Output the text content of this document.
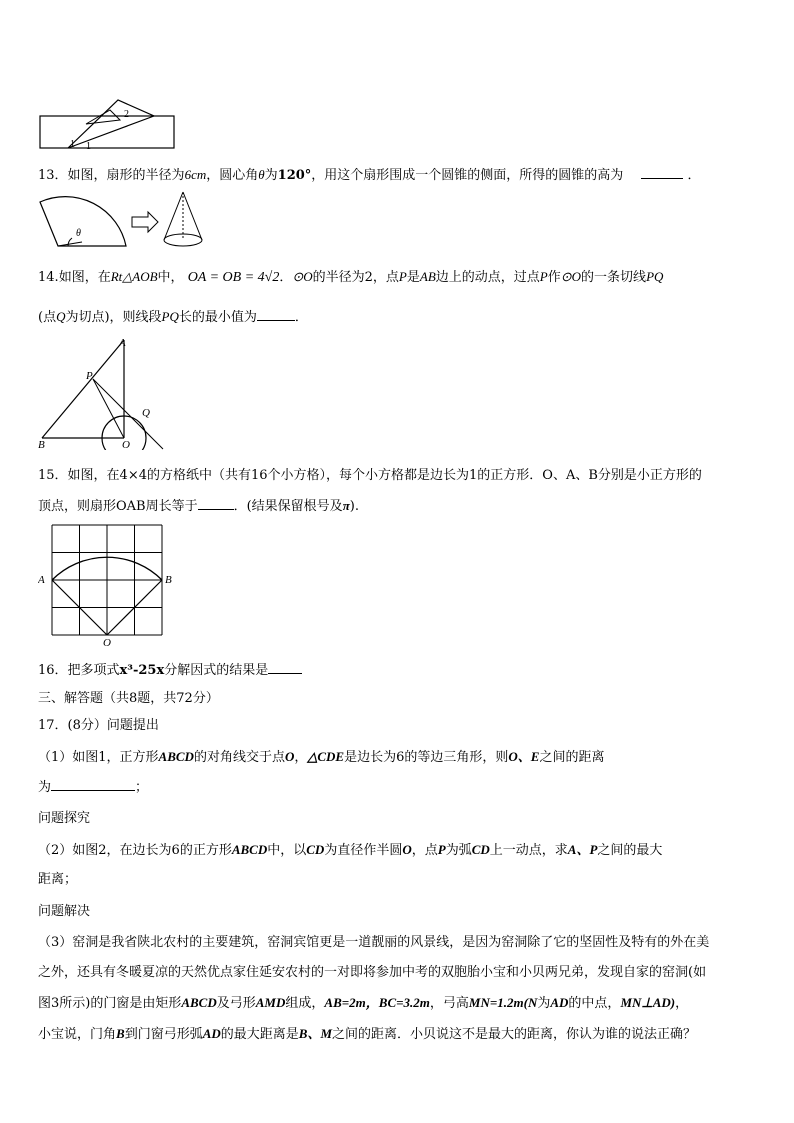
2
1 1
13．如图，扇形的半径为6cm，圆心角θ为120°，用这个扇形围成一个圆锥的侧面，所得的圆锥的高为	．
θ
14.如图，在Rt△AOB中， OA = OB = 4√2．⊙O的半径为2，点P是AB边上的动点，过点P作⊙O的一条切线PQ
(点Q为切点)，则线段PQ长的最小值为	．
A
P
Q
B	O
15．如图，在4×4的方格纸中（共有16个小方格），每个小方格都是边长为1的正方形．O、A、B分别是小正方形的
顶点，则扇形OAB周长等于	．(结果保留根号及π).
A	B
O
16．把多项式x³-25x分解因式的结果是
三、解答题（共8题，共72分）
17．(8分）问题提出
（1）如图1，正方形ABCD的对角线交于点O，△CDE是边长为6的等边三角形，则O、E之间的距离
为	；
问题探究
（2）如图2，在边长为6的正方形ABCD中，以CD为直径作半圆O，点P为弧CD上一动点，求A、P之间的最大
距离；
问题解决
（3）窑洞是我省陕北农村的主要建筑，窑洞宾馆更是一道靓丽的风景线，是因为窑洞除了它的坚固性及特有的外在美
之外，还具有冬暖夏凉的天然优点家住延安农村的一对即将参加中考的双胞胎小宝和小贝两兄弟，发现自家的窑洞(如
图3所示)的门窗是由矩形ABCD及弓形AMD组成，AB=2m，BC=3.2m，弓高MN=1.2m(N为AD的中点，MN⊥AD)，
小宝说，门角B到门窗弓形弧AD的最大距离是B、M之间的距离．小贝说这不是最大的距离，你认为谁的说法正确？
